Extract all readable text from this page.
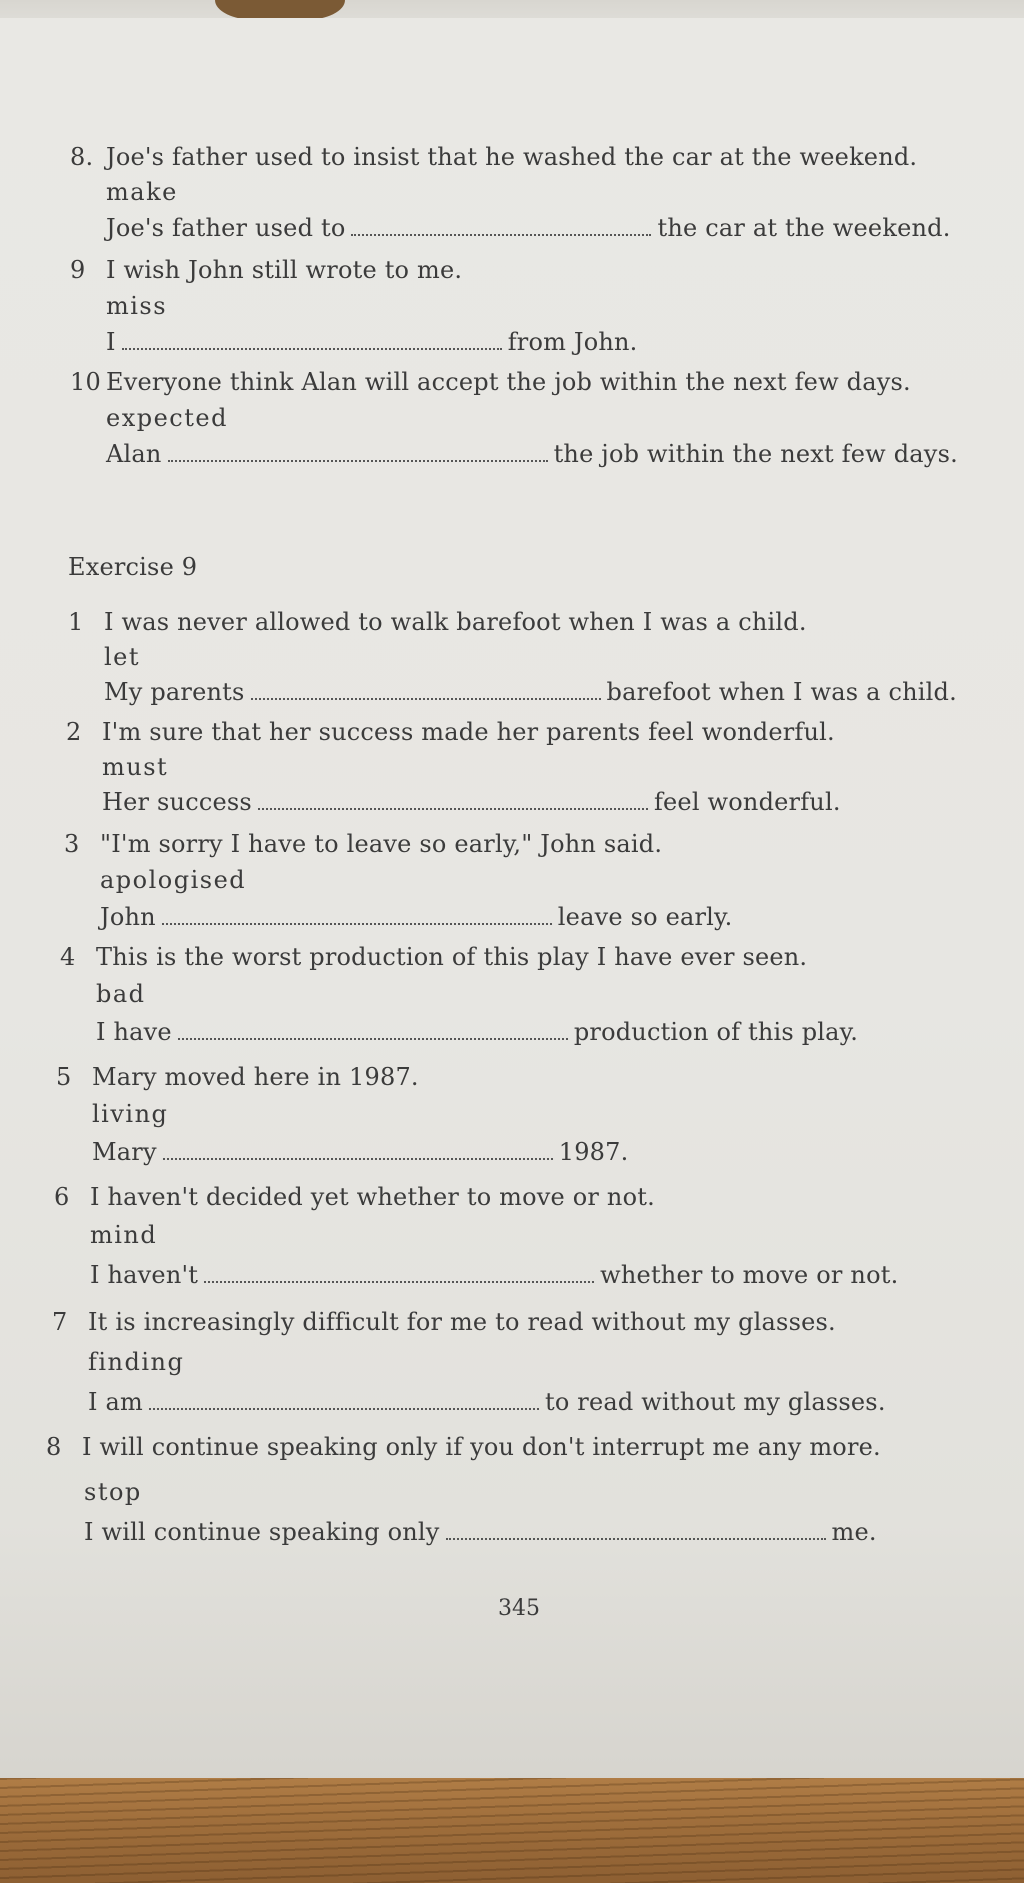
8. Joe's father used to insist that he washed the car at the weekend.
make
Joe's father used to	the car at the weekend.
9 I wish John still wrote to me.
miss
I	from John.
10 Everyone think Alan will accept the job within the next few days.
expected
Alan	the job within the next few days.
Exercise 9
1 I was never allowed to walk barefoot when I was a child.
let
My parents	barefoot when I was a child.
2 I'm sure that her success made her parents feel wonderful.
must
Her success	feel wonderful.
3 "I'm sorry I have to leave so early," John said.
apologised
John	leave so early.
4 This is the worst production of this play I have ever seen.
bad
I have	production of this play.
5 Mary moved here in 1987.
living
Mary	1987.
6 I haven't decided yet whether to move or not.
mind
I haven't	whether to move or not.
7 It is increasingly difficult for me to read without my glasses.
finding
I am	to read without my glasses.
8 I will continue speaking only if you don't interrupt me any more.
stop
I will continue speaking only	me.
345
